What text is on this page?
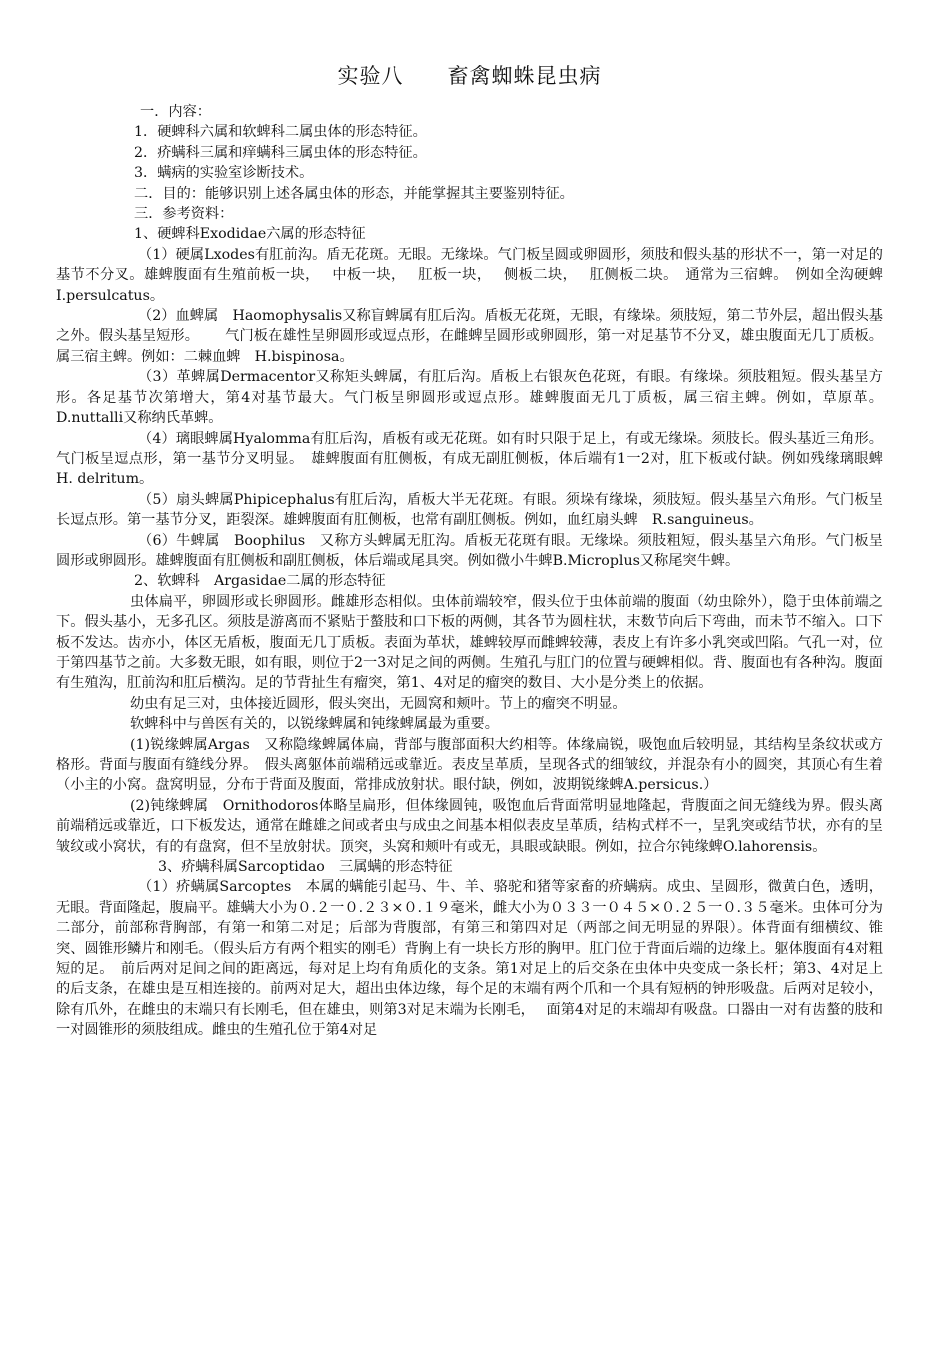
实验八　　畜禽蜘蛛昆虫病

一．内容：

1．硬蜱科六属和软蜱科二属虫体的形态特征。

2．疥螨科三属和痒螨科三属虫体的形态特征。

3．螨病的实验室诊断技术。

二．目的：能够识别上述各属虫体的形态，并能掌握其主要鉴别特征。

三．参考资料：

1、硬蜱科Exodidae六属的形态特征

（1）硬属Lxodes有肛前沟。盾无花斑。无眼。无缘垛。气门板呈圆或卵圆形，须肢和假头基的形状不一，第一对足的基节不分叉。雄蜱腹面有生殖前板一块，　 中板一块，　 肛板一块，　 侧板二块，　 肛侧板二块。　通常为三宿蜱。　例如全沟硬蜱I.persulcatus。

（2）血蜱属　Haomophysalis又称盲蜱属有肛后沟。盾板无花斑，无眼，有缘垛。须肢短，第二节外层，超出假头基之外。假头基呈短形。　　 气门板在雄性呈卵圆形或逗点形，在雌蜱呈圆形或卵圆形，第一对足基节不分叉，雄虫腹面无几丁质板。属三宿主蜱。例如：二棘血蜱　H.bispinosa。

（3）革蜱属Dermacentor又称矩头蜱属，有肛后沟。盾板上右银灰色花斑，有眼。有缘垛。须肢粗短。假头基呈方形。各足基节次第增大，第4对基节最大。气门板呈卵圆形或逗点形。雄蜱腹面无几丁质板，属三宿主蜱。例如，草原革。D.nuttalli又称纳氏革蜱。

（4）璃眼蜱属Hyalomma有肛后沟，盾板有或无花斑。如有时只限于足上，有或无缘垛。须肢长。假头基近三角形。气门板呈逗点形，第一基节分叉明显。　雄蜱腹面有肛侧板，有成无副肛侧板，体后端有1一2对，肛下板或付缺。例如残缘璃眼蜱　H. delritum。

（5）扇头蜱属Phipicephalus有肛后沟，盾板大半无花斑。有眼。须垛有缘垛，须肢短。假头基呈六角形。气门板呈长逗点形。第一基节分叉，距裂深。雄蜱腹面有肛侧板，也常有副肛侧板。例如，血红扇头蜱　R.sanguineus。

（6）牛蜱属　Boophilus　又称方头蜱属无肛沟。盾板无花斑有眼。无缘垛。须肢粗短，假头基呈六角形。气门板呈圆形或卵圆形。雄蜱腹面有肛侧板和副肛侧板，体后端或尾具突。例如微小牛蜱B.Microplus又称尾突牛蜱。

2、软蜱科　Argasidae二属的形态特征

虫体扁平，卵圆形或长卵圆形。雌雄形态相似。虫体前端较窄，假头位于虫体前端的腹面（幼虫除外），隐于虫体前端之下。假头基小，无多孔区。须肢是游离而不紧贴于螯肢和口下板的两侧，其各节为圆柱状，末数节向后下弯曲，而未节不缩入。口下板不发达。齿亦小，体区无盾板，腹面无几丁质板。表面为革状，雄蜱较厚而雌蜱较薄，表皮上有许多小乳突或凹陷。气孔一对，位于第四基节之前。大多数无眼，如有眼，则位于2一3对足之间的两侧。生殖孔与肛门的位置与硬蜱相似。背、腹面也有各种沟。腹面有生殖沟，肛前沟和肛后横沟。足的节背扯生有瘤突，第1、4对足的瘤突的数目、大小是分类上的依据。

幼虫有足三对，虫体接近圆形，假头突出，无圆窝和颊叶。节上的瘤突不明显。

软蜱科中与兽医有关的，以锐缘蜱属和钝缘蜱属最为重要。

(1)锐缘蜱属Argas　又称隐缘蜱属体扁，背部与腹部面积大约相等。体缘扁锐，吸饱血后较明显，其结构呈条纹状或方格形。背面与腹面有缝线分界。　假头离躯体前端稍远或靠近。表皮呈革质，呈现各式的细皱纹，并混杂有小的圆突，其顶心有生着（小主的小窝。盘窝明显，分布于背面及腹面，常排成放射状。眼付缺，例如，波期锐缘蜱A.persicus.）

(2)钝缘蜱属　Ornithodoros体略呈扁形，但体缘圆钝，吸饱血后背面常明显地隆起，背腹面之间无缝线为界。假头离前端稍远或靠近，口下板发达，通常在雌雄之间或者虫与成虫之间基本相似表皮呈革质，结构式样不一，呈乳突或结节状，亦有的呈皱纹或小窝状，有的有盘窝，但不呈放射状。顶突，头窝和颊叶有或无，具眼或缺眼。例如，拉合尔钝缘蜱O.lahorensis。

3、疥螨科属Sarcoptidao　三属螨的形态特征

（1）疥螨属Sarcoptes　本属的螨能引起马、牛、羊、骆驼和猪等家畜的疥螨病。成虫、呈圆形，微黄白色，透明，无眼。背面隆起，腹扁平。雄螨大小为０.２一０.２３×０.１９毫米，雌大小为０３３一０４５×０.２５一０.３５毫米。虫体可分为二部分，前部称背胸部，有第一和第二对足；后部为背腹部，有第三和第四对足（两部之间无明显的界限）。体背面有细横纹、锥突、圆锥形鳞片和刚毛。（假头后方有两个粗实的刚毛）背胸上有一块长方形的胸甲。肛门位于背面后端的边缘上。躯体腹面有4对粗短的足。　前后两对足间之间的距离远，每对足上均有角质化的支条。第1对足上的后交条在虫体中央变成一条长杆；第3、4对足上的后支条，在雄虫是互相连接的。前两对足大，超出虫体边缘，每个足的末端有两个爪和一个具有短柄的钟形吸盘。后两对足较小，除有爪外，在雌虫的末端只有长刚毛，但在雄虫，则第3对足末端为长刚毛，　 面第4对足的末端却有吸盘。口器由一对有齿螯的肢和一对圆锥形的须肢组成。雌虫的生殖孔位于第4对足
